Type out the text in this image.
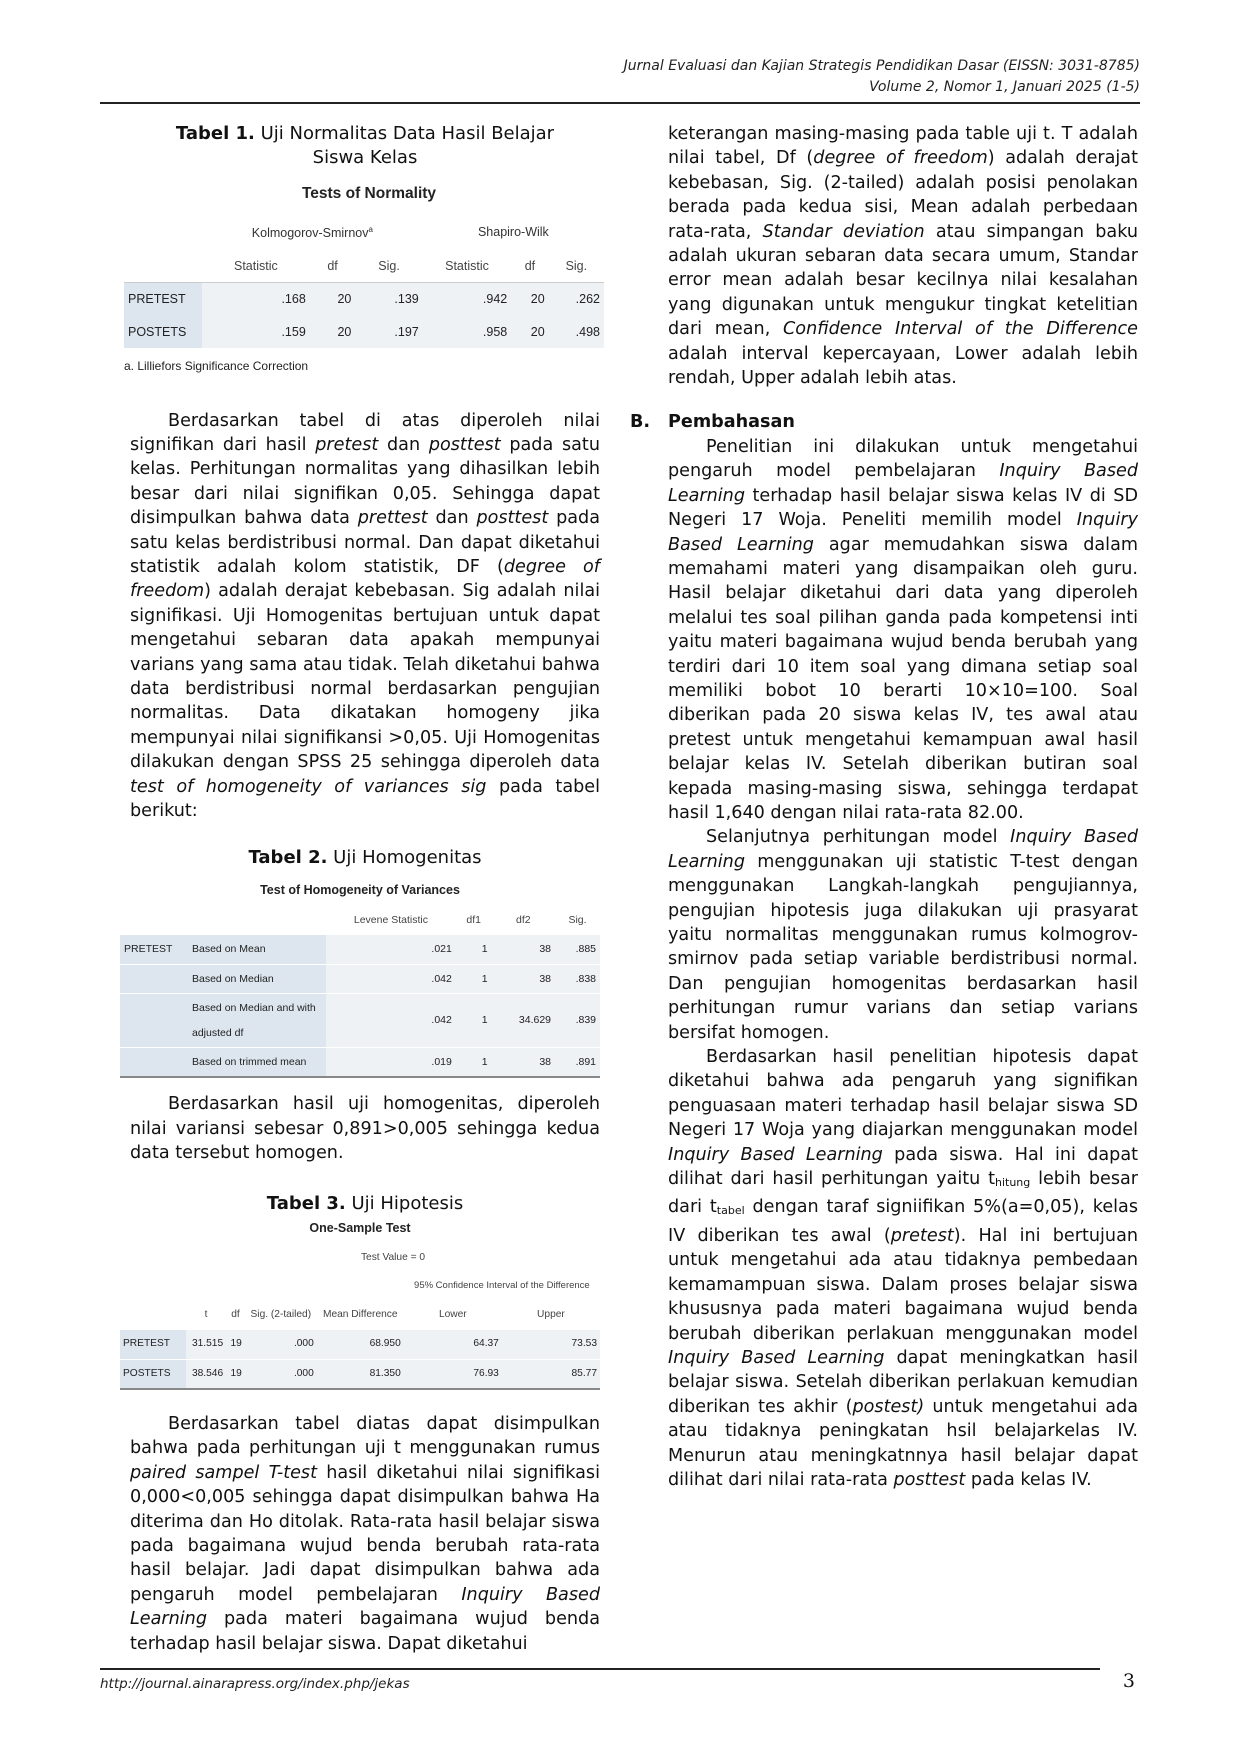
Jurnal Evaluasi dan Kajian Strategis Pendidikan Dasar (EISSN: 3031-8785)
Volume 2, Nomor 1, Januari 2025 (1-5)
Tabel 1. Uji Normalitas Data Hasil Belajar Siswa Kelas
Tests of Normality
	Kolmogorov-Smirnov$^a$			Shapiro-Wilk		
	Statistic	df	Sig.	Statistic	df	Sig.
PRETEST	.168	20	.139	.942	20	.262
POSTETS	.159	20	.197	.958	20	.498
a. Lilliefors Significance Correction

Berdasarkan tabel di atas diperoleh nilai signifikan dari hasil pretest dan posttest pada satu kelas. Perhitungan normalitas yang dihasilkan lebih besar dari nilai signifikan 0,05. Sehingga dapat disimpulkan bahwa data prettest dan posttest pada satu kelas berdistribusi normal. Dan dapat diketahui statistik adalah kolom statistik, DF (degree of freedom) adalah derajat kebebasan. Sig adalah nilai signifikasi. Uji Homogenitas bertujuan untuk dapat mengetahui sebaran data apakah mempunyai varians yang sama atau tidak. Telah diketahui bahwa data berdistribusi normal berdasarkan pengujian normalitas. Data dikatakan homogeny jika mempunyai nilai signifikansi >0,05. Uji Homogenitas dilakukan dengan SPSS 25 sehingga diperoleh data test of homogeneity of variances sig pada tabel berikut:

Tabel 2. Uji Homogenitas
Test of Homogeneity of Variances
		Levene Statistic	df1	df2	Sig.
PRETEST	Based on Mean	.021	1	38	.885
	Based on Median	.042	1	38	.838
	Based on Median and with adjusted df	.042	1	34.629	.839
	Based on trimmed mean	.019	1	38	.891

Berdasarkan hasil uji homogenitas, diperoleh nilai variansi sebesar 0,891>0,005 sehingga kedua data tersebut homogen.

Tabel 3. Uji Hipotesis
One-Sample Test
	Test Value = 0					
					95% Confidence Interval of the Difference	
	t	df	Sig. (2-tailed)	Mean Difference	Lower	Upper
PRETEST	31.515	19	.000	68.950	64.37	73.53
POSTETS	38.546	19	.000	81.350	76.93	85.77

Berdasarkan tabel diatas dapat disimpulkan bahwa pada perhitungan uji t menggunakan rumus paired sampel T-test hasil diketahui nilai signifikasi 0,000<0,005 sehingga dapat disimpulkan bahwa Ha diterima dan Ho ditolak. Rata-rata hasil belajar siswa pada bagaimana wujud benda berubah rata-rata hasil belajar. Jadi dapat disimpulkan bahwa ada pengaruh model pembelajaran Inquiry Based Learning pada materi bagaimana wujud benda terhadap hasil belajar siswa. Dapat diketahui

keterangan masing-masing pada table uji t. T adalah nilai tabel, Df (degree of freedom) adalah derajat kebebasan, Sig. (2-tailed) adalah posisi penolakan berada pada kedua sisi, Mean adalah perbedaan rata-rata, Standar deviation atau simpangan baku adalah ukuran sebaran data secara umum, Standar error mean adalah besar kecilnya nilai kesalahan yang digunakan untuk mengukur tingkat ketelitian dari mean, Confidence Interval of the Difference adalah interval kepercayaan, Lower adalah lebih rendah, Upper adalah lebih atas.

B.	Pembahasan

Penelitian ini dilakukan untuk mengetahui pengaruh model pembelajaran Inquiry Based Learning terhadap hasil belajar siswa kelas IV di SD Negeri 17 Woja. Peneliti memilih model Inquiry Based Learning agar memudahkan siswa dalam memahami materi yang disampaikan oleh guru. Hasil belajar diketahui dari data yang diperoleh melalui tes soal pilihan ganda pada kompetensi inti yaitu materi bagaimana wujud benda berubah yang terdiri dari 10 item soal yang dimana setiap soal memiliki bobot 10 berarti 10×10=100. Soal diberikan pada 20 siswa kelas IV, tes awal atau pretest untuk mengetahui kemampuan awal hasil belajar kelas IV. Setelah diberikan butiran soal kepada masing-masing siswa, sehingga terdapat hasil 1,640 dengan nilai rata-rata 82.00.

Selanjutnya perhitungan model Inquiry Based Learning menggunakan uji statistic T-test dengan menggunakan Langkah-langkah pengujiannya, pengujian hipotesis juga dilakukan uji prasyarat yaitu normalitas menggunakan rumus kolmogrov-smirnov pada setiap variable berdistribusi normal. Dan pengujian homogenitas berdasarkan hasil perhitungan rumur varians dan setiap varians bersifat homogen.

Berdasarkan hasil penelitian hipotesis dapat diketahui bahwa ada pengaruh yang signifikan penguasaan materi terhadap hasil belajar siswa SD Negeri 17 Woja yang diajarkan menggunakan model Inquiry Based Learning pada siswa. Hal ini dapat dilihat dari hasil perhitungan yaitu $t_{hitung}$ lebih besar dari $t_{tabel}$ dengan taraf signiifikan 5%(a=0,05), kelas IV diberikan tes awal (pretest). Hal ini bertujuan untuk mengetahui ada atau tidaknya pembedaan kemamampuan siswa. Dalam proses belajar siswa khususnya pada materi bagaimana wujud benda berubah diberikan perlakuan menggunakan model Inquiry Based Learning dapat meningkatkan hasil belajar siswa. Setelah diberikan perlakuan kemudian diberikan tes akhir (postest) untuk mengetahui ada atau tidaknya peningkatan hsil belajarkelas IV. Menurun atau meningkatnnya hasil belajar dapat dilihat dari nilai rata-rata posttest pada kelas IV.

http://journal.ainarapress.org/index.php/jekas	3
